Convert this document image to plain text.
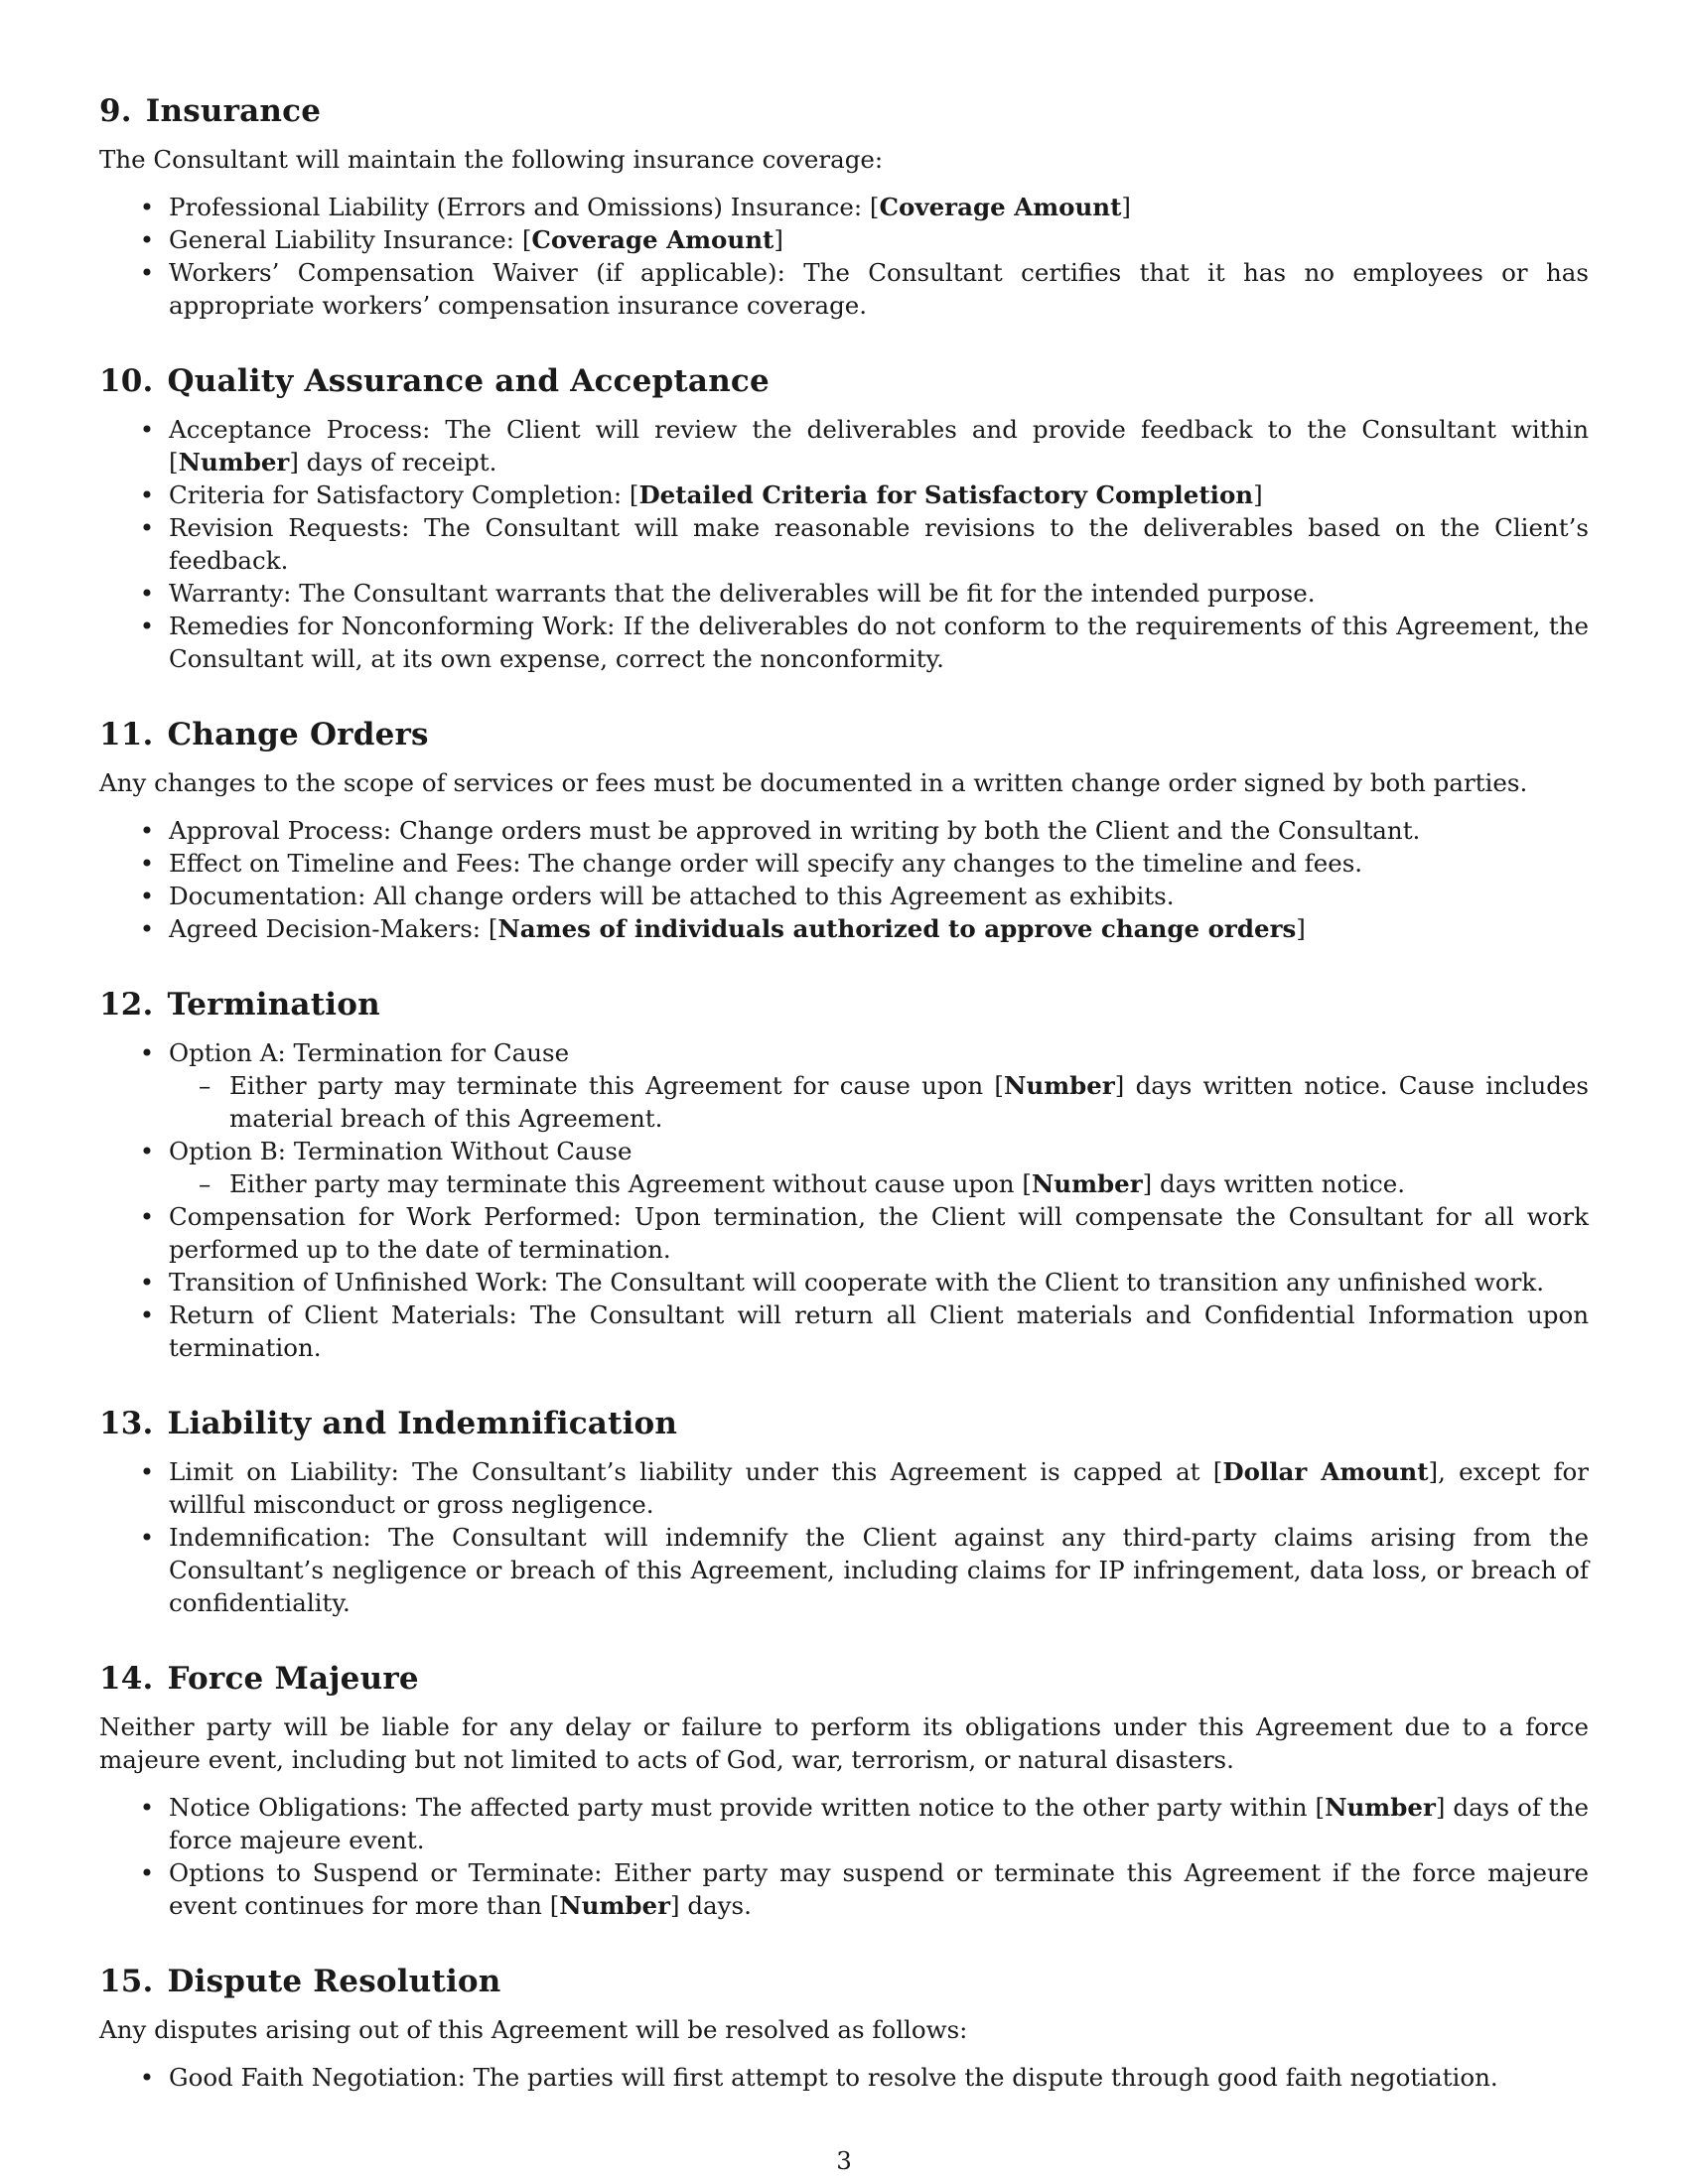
9. Insurance

The Consultant will maintain the following insurance coverage:

• Professional Liability (Errors and Omissions) Insurance: [Coverage Amount]
• General Liability Insurance: [Coverage Amount]
• Workers’ Compensation Waiver (if applicable): The Consultant certifies that it has no employees or has appropriate workers’ compensation insurance coverage.
10. Quality Assurance and Acceptance
• Acceptance Process: The Client will review the deliverables and provide feedback to the Consultant within [Number] days of receipt.
• Criteria for Satisfactory Completion: [Detailed Criteria for Satisfactory Completion]
• Revision Requests: The Consultant will make reasonable revisions to the deliverables based on the Client’s feedback.
• Warranty: The Consultant warrants that the deliverables will be fit for the intended purpose.
• Remedies for Nonconforming Work: If the deliverables do not conform to the requirements of this Agreement, the Consultant will, at its own expense, correct the nonconformity.
11. Change Orders

Any changes to the scope of services or fees must be documented in a written change order signed by both parties.

• Approval Process: Change orders must be approved in writing by both the Client and the Consultant.
• Effect on Timeline and Fees: The change order will specify any changes to the timeline and fees.
• Documentation: All change orders will be attached to this Agreement as exhibits.
• Agreed Decision-Makers: [Names of individuals authorized to approve change orders]
12. Termination
• Option A: Termination for Cause
– Either party may terminate this Agreement for cause upon [Number] days written notice. Cause includes material breach of this Agreement.
• Option B: Termination Without Cause
– Either party may terminate this Agreement without cause upon [Number] days written notice.
• Compensation for Work Performed: Upon termination, the Client will compensate the Consultant for all work performed up to the date of termination.
• Transition of Unfinished Work: The Consultant will cooperate with the Client to transition any unfinished work.
• Return of Client Materials: The Consultant will return all Client materials and Confidential Information upon termination.
13. Liability and Indemnification
• Limit on Liability: The Consultant’s liability under this Agreement is capped at [Dollar Amount], except for willful misconduct or gross negligence.
• Indemnification: The Consultant will indemnify the Client against any third-party claims arising from the Consultant’s negligence or breach of this Agreement, including claims for IP infringement, data loss, or breach of confidentiality.
14. Force Majeure

Neither party will be liable for any delay or failure to perform its obligations under this Agreement due to a force majeure event, including but not limited to acts of God, war, terrorism, or natural disasters.

• Notice Obligations: The affected party must provide written notice to the other party within [Number] days of the force majeure event.
• Options to Suspend or Terminate: Either party may suspend or terminate this Agreement if the force majeure event continues for more than [Number] days.
15. Dispute Resolution

Any disputes arising out of this Agreement will be resolved as follows:

• Good Faith Negotiation: The parties will first attempt to resolve the dispute through good faith negotiation.
3
